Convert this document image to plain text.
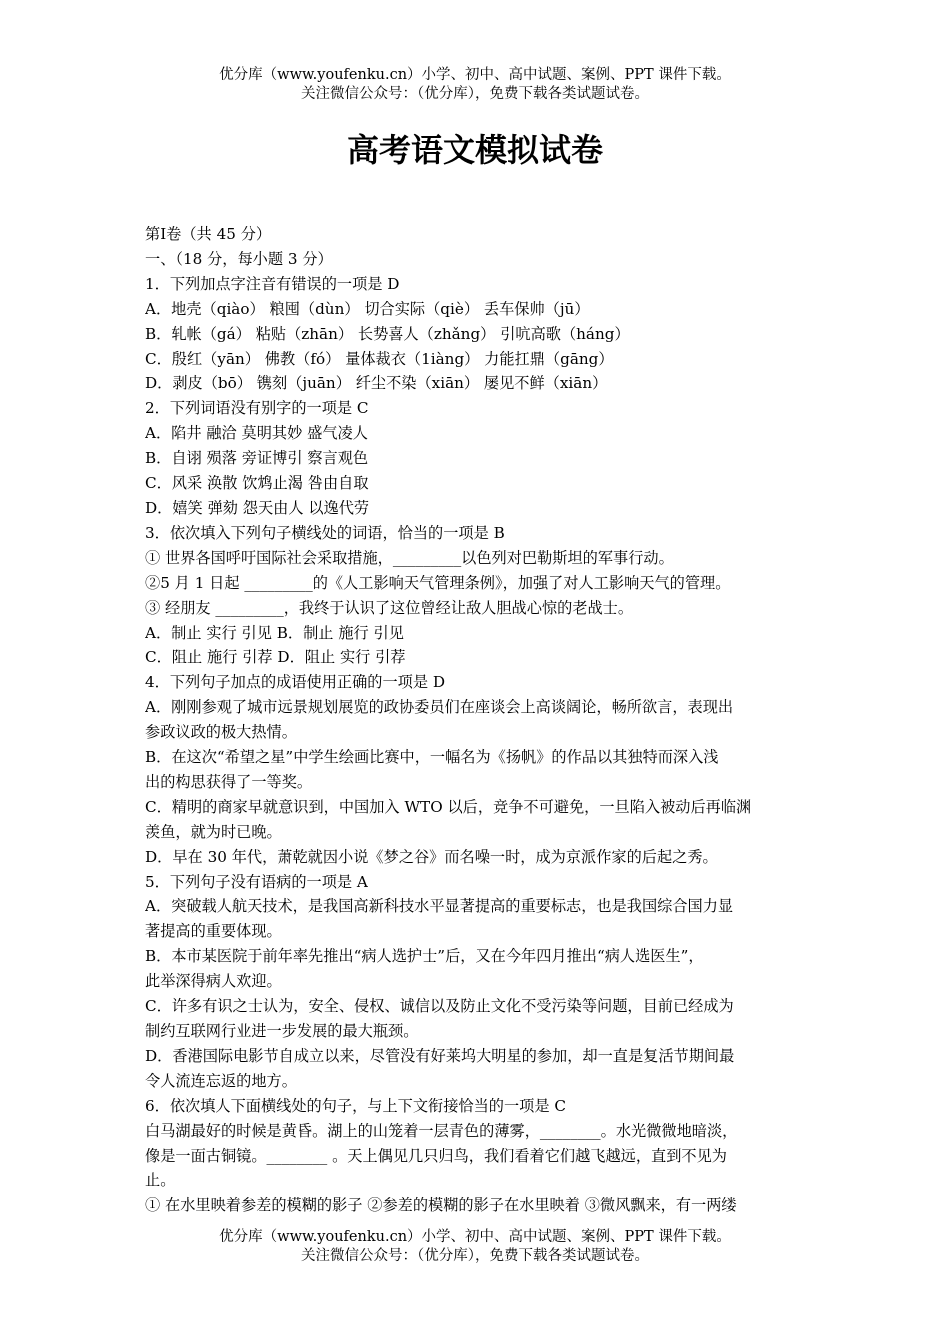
优分库（www.youfenku.cn）小学、初中、高中试题、案例、PPT 课件下载。
关注微信公众号：（优分库），免费下载各类试题试卷。
高考语文模拟试卷
第Ⅰ卷（共 45 分）
一、（18 分，每小题 3 分）
1．下列加点字注音有错误的一项是 D
A．地壳（qiào） 粮囤（dùn） 切合实际（qiè） 丢车保帅（jū）
B．轧帐（gá） 粘贴（zhān） 长势喜人（zhǎng） 引吭高歌（háng）
C．殷红（yān） 佛教（fó） 量体裁衣（1iàng） 力能扛鼎（gāng）
D．剥皮（bō） 镌刻（juān） 纤尘不染（xiān） 屡见不鲜（xiān）
2．下列词语没有别字的一项是 C
A．陷井 融洽 莫明其妙 盛气凌人
B．自诩 殒落 旁证博引 察言观色
C．风采 涣散 饮鸩止渴 咎由自取
D．嬉笑 弹劾 怨天由人 以逸代劳
3．依次填入下列句子横线处的词语，恰当的一项是 B
① 世界各国呼吁国际社会采取措施，_________以色列对巴勒斯坦的军事行动。
②5 月 1 日起 _________的《人工影响天气管理条例》，加强了对人工影响天气的管理。
③ 经朋友 _________，我终于认识了这位曾经让敌人胆战心惊的老战士。
A．制止 实行 引见 B．制止 施行 引见
C．阻止 施行 引荐 D．阻止 实行 引荐
4．下列句子加点的成语使用正确的一项是 D
A．刚刚参观了城市远景规划展览的政协委员们在座谈会上高谈阔论，畅所欲言，表现出
参政议政的极大热情。
B．在这次“希望之星”中学生绘画比赛中，一幅名为《扬帆》的作品以其独特而深入浅
出的构思获得了一等奖。
C．精明的商家早就意识到，中国加入 WTO 以后，竞争不可避免，一旦陷入被动后再临渊
羡鱼，就为时已晚。
D．早在 30 年代，萧乾就因小说《梦之谷》而名噪一时，成为京派作家的后起之秀。
5．下列句子没有语病的一项是 A
A．突破载人航天技术，是我国高新科技水平显著提高的重要标志，也是我国综合国力显
著提高的重要体现。
B．本市某医院于前年率先推出“病人选护士”后，又在今年四月推出“病人选医生”，
此举深得病人欢迎。
C．许多有识之士认为，安全、侵权、诚信以及防止文化不受污染等问题，目前已经成为
制约互联网行业进一步发展的最大瓶颈。
D．香港国际电影节自成立以来，尽管没有好莱坞大明星的参加，却一直是复活节期间最
令人流连忘返的地方。
6．依次填人下面横线处的句子，与上下文衔接恰当的一项是 C
白马湖最好的时候是黄昏。湖上的山笼着一层青色的薄雾，________。水光微微地暗淡，
像是一面古铜镜。________ 。天上偶见几只归鸟，我们看着它们越飞越远，直到不见为
止。
① 在水里映着参差的模糊的影子 ②参差的模糊的影子在水里映着 ③微风飘来，有一两缕
优分库（www.youfenku.cn）小学、初中、高中试题、案例、PPT 课件下载。
关注微信公众号：（优分库），免费下载各类试题试卷。
